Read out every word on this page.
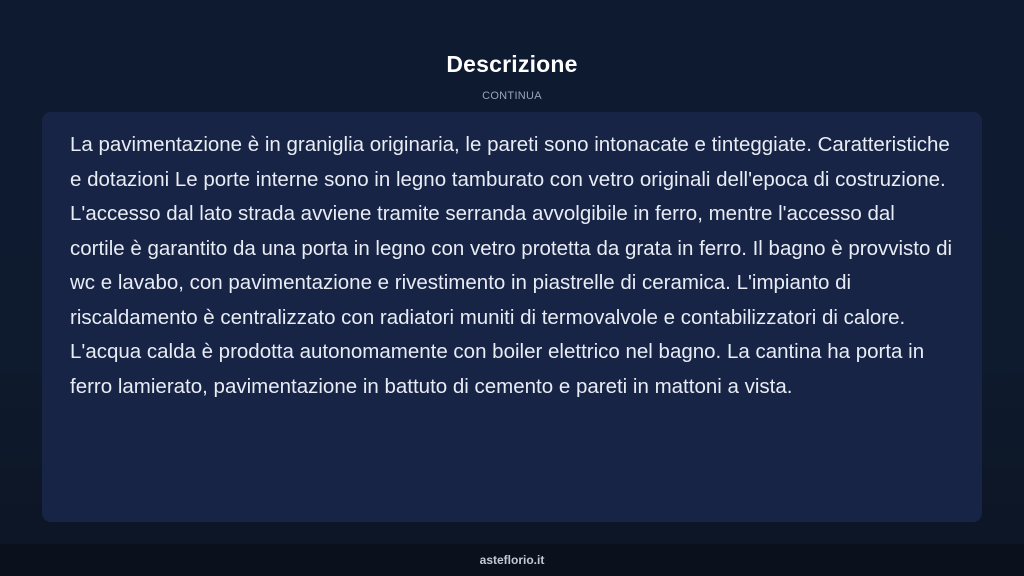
Descrizione
CONTINUA

La pavimentazione è in graniglia originaria, le pareti sono intonacate e tinteggiate. Caratteristiche e dotazioni Le porte interne sono in legno tamburato con vetro originali dell'epoca di costruzione. L'accesso dal lato strada avviene tramite serranda avvolgibile in ferro, mentre l'accesso dal cortile è garantito da una porta in legno con vetro protetta da grata in ferro. Il bagno è provvisto di wc e lavabo, con pavimentazione e rivestimento in piastrelle di ceramica. L'impianto di riscaldamento è centralizzato con radiatori muniti di termovalvole e contabilizzatori di calore. L'acqua calda è prodotta autonomamente con boiler elettrico nel bagno. La cantina ha porta in ferro lamierato, pavimentazione in battuto di cemento e pareti in mattoni a vista.

asteflorio.it
